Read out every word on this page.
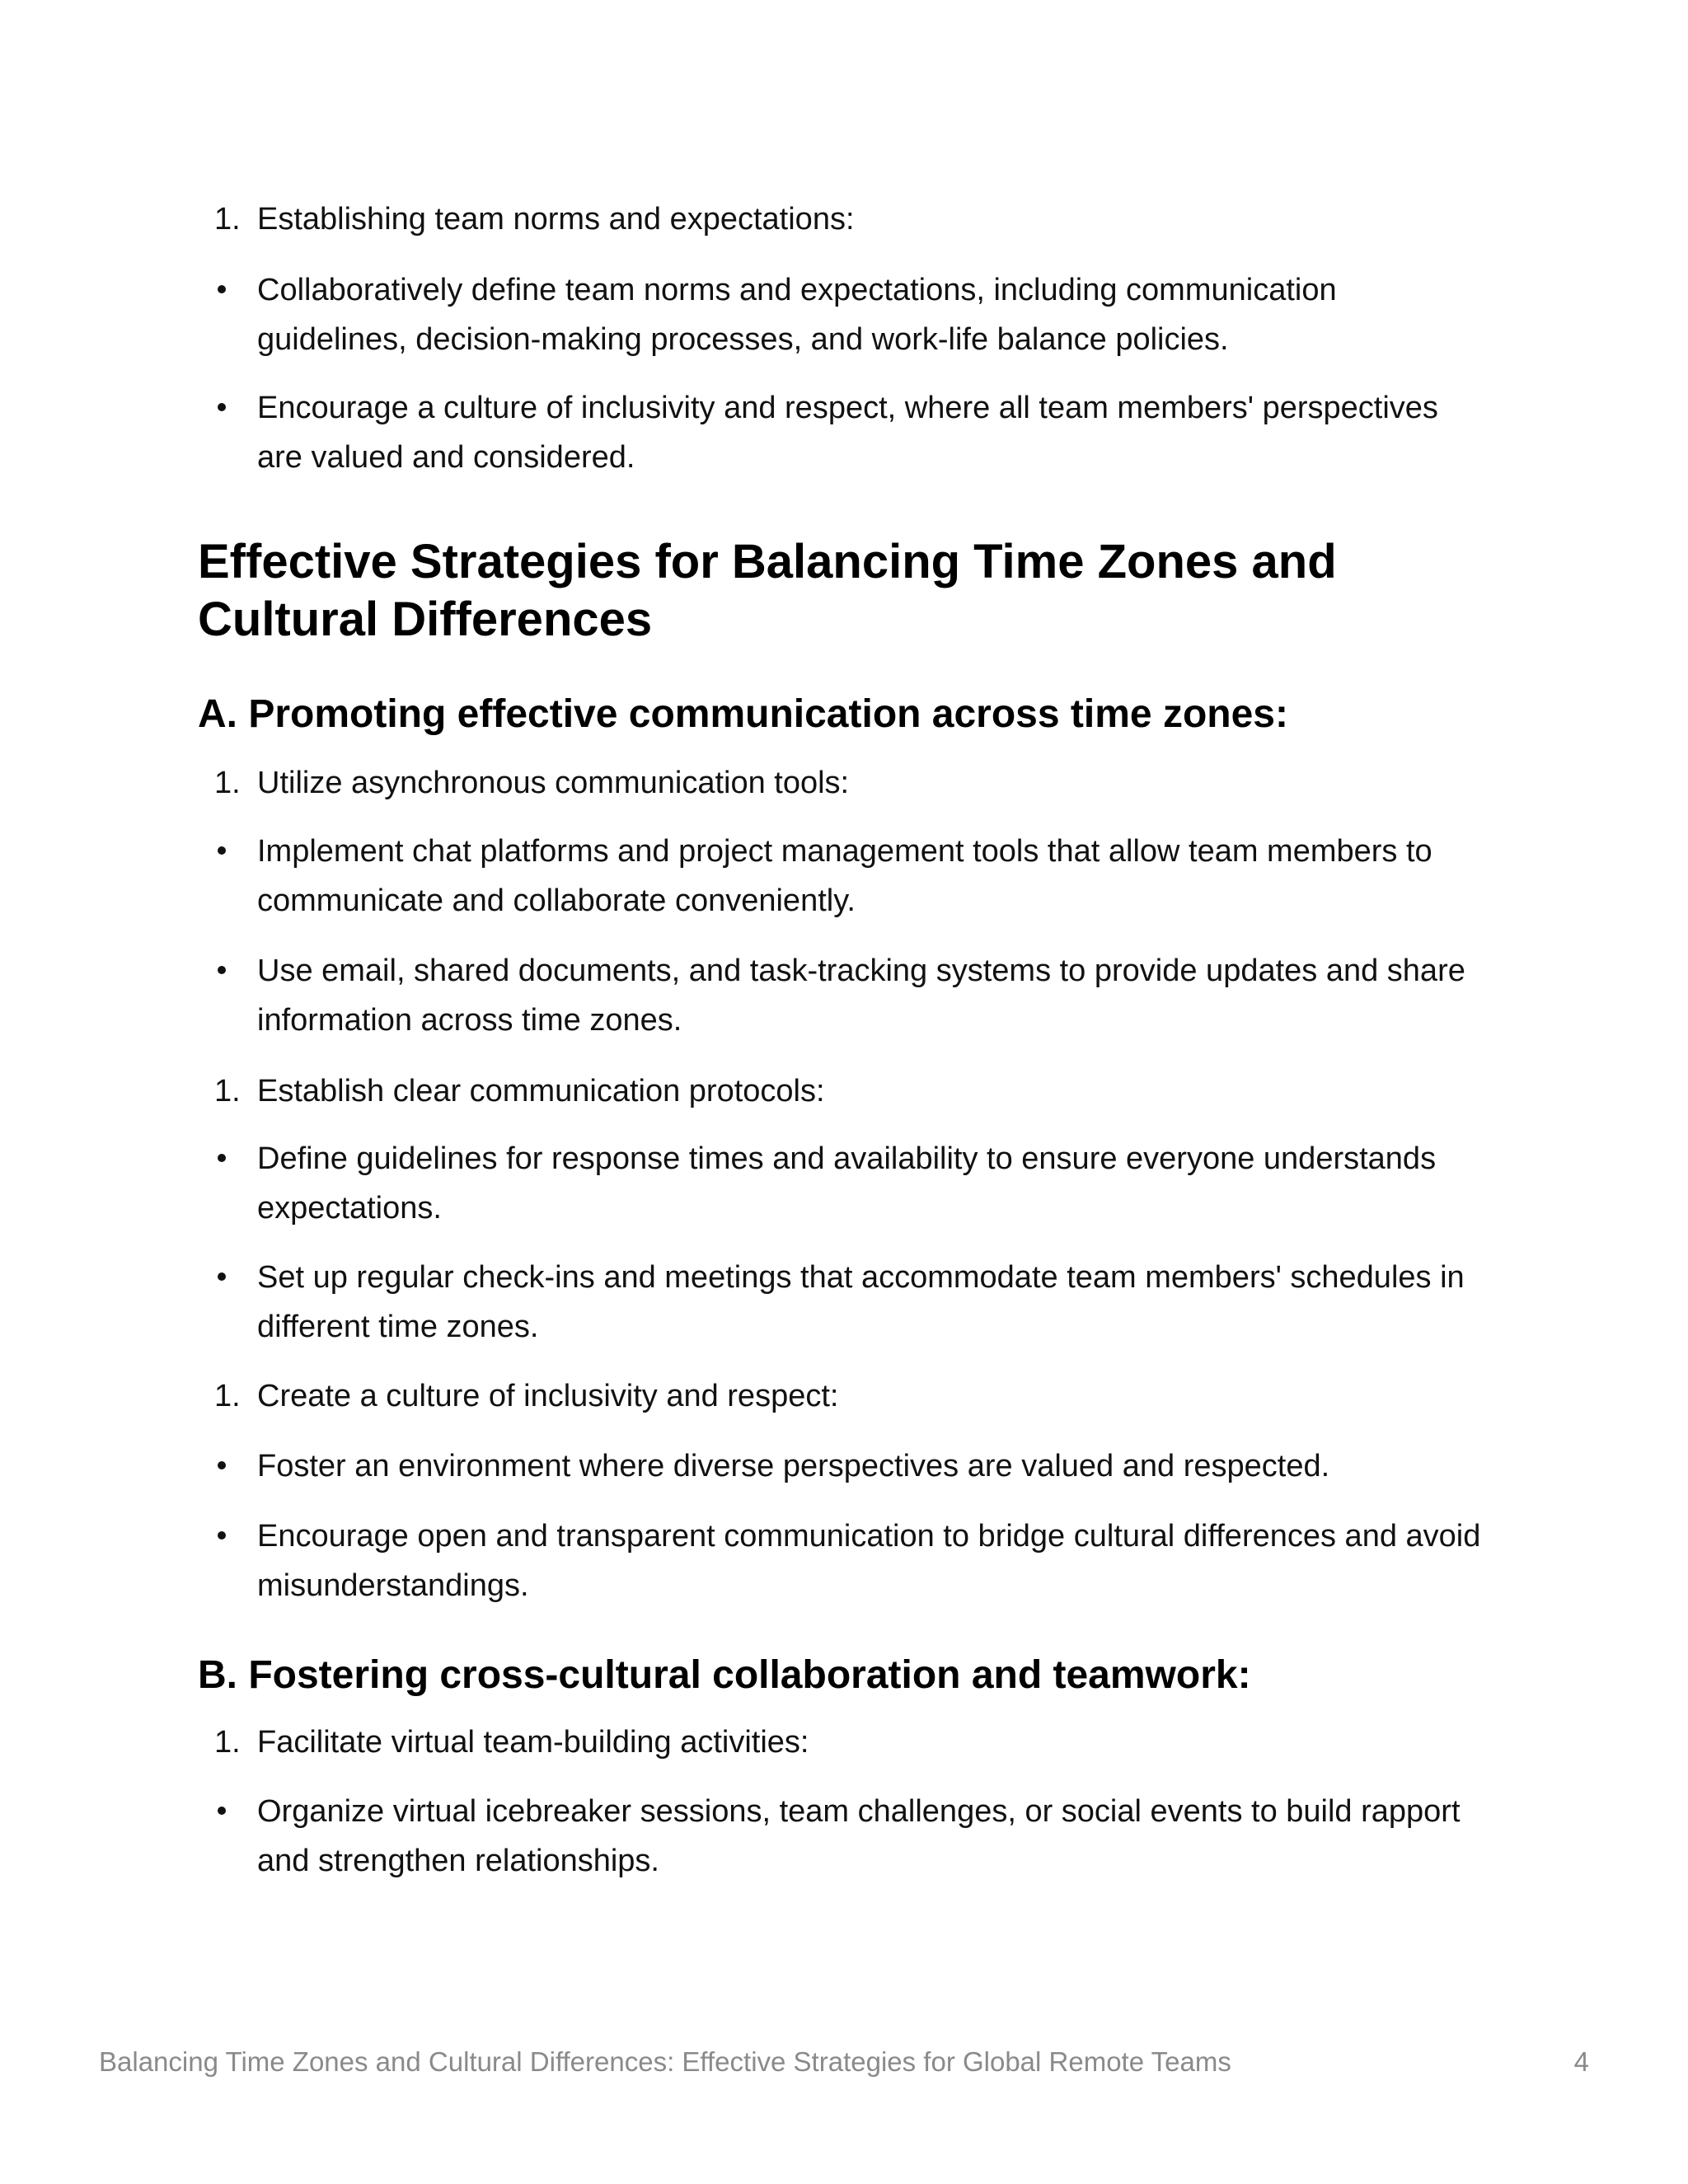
1. Establishing team norms and expectations:
Collaboratively define team norms and expectations, including communication guidelines, decision-making processes, and work-life balance policies.
Encourage a culture of inclusivity and respect, where all team members' perspectives are valued and considered.
Effective Strategies for Balancing Time Zones and Cultural Differences
A. Promoting effective communication across time zones:
1. Utilize asynchronous communication tools:
Implement chat platforms and project management tools that allow team members to communicate and collaborate conveniently.
Use email, shared documents, and task-tracking systems to provide updates and share information across time zones.
1. Establish clear communication protocols:
Define guidelines for response times and availability to ensure everyone understands expectations.
Set up regular check-ins and meetings that accommodate team members' schedules in different time zones.
1. Create a culture of inclusivity and respect:
Foster an environment where diverse perspectives are valued and respected.
Encourage open and transparent communication to bridge cultural differences and avoid misunderstandings.
B. Fostering cross-cultural collaboration and teamwork:
1. Facilitate virtual team-building activities:
Organize virtual icebreaker sessions, team challenges, or social events to build rapport and strengthen relationships.
Balancing Time Zones and Cultural Differences: Effective Strategies for Global Remote Teams	4
